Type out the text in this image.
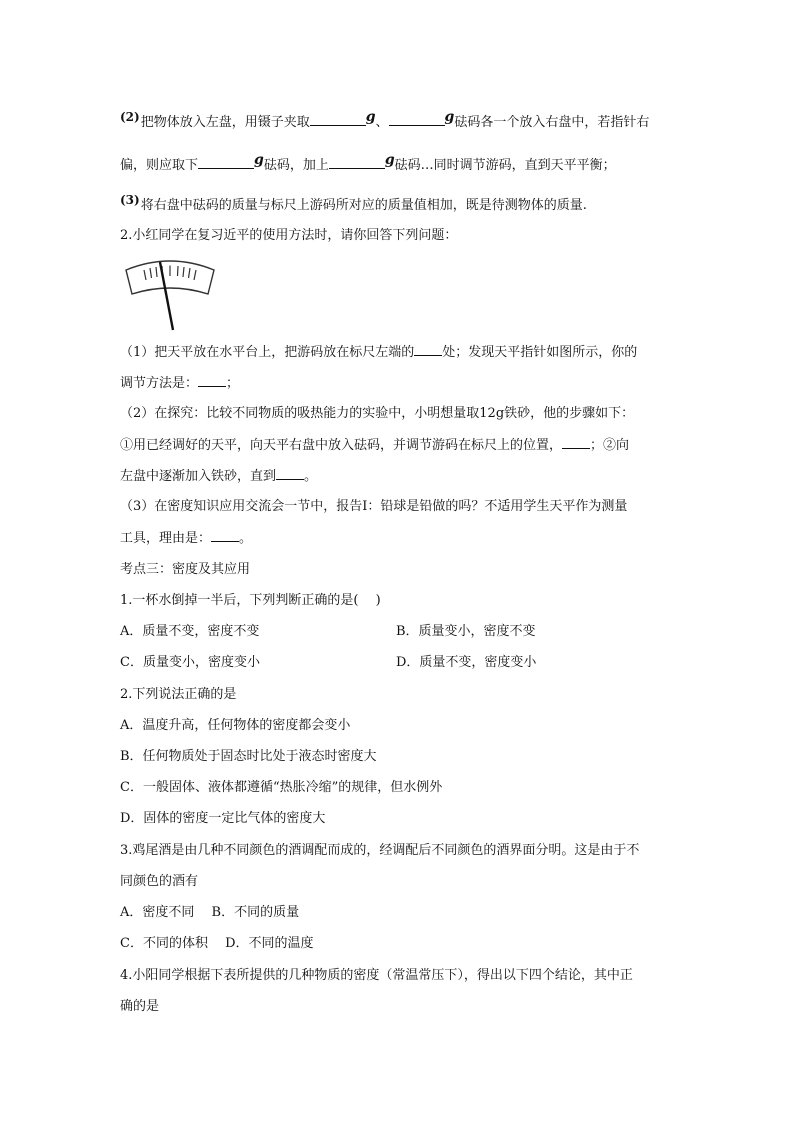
(2)把物体放入左盘，用镊子夹取	g、	g砝码各一个放入右盘中，若指针右
偏，则应取下	g砝码，加上	g砝码…同时调节游码，直到天平平衡；
(3)将右盘中砝码的质量与标尺上游码所对应的质量值相加，既是待测物体的质量.
2.小红同学在复习近平的使用方法时，请你回答下列问题：
（1）把天平放在水平台上，把游码放在标尺左端的 处；发现天平指针如图所示，你的
调节方法是： ；
（2）在探究：比较不同物质的吸热能力的实验中，小明想量取12g铁砂，他的步骤如下：
①用已经调好的天平，向天平右盘中放入砝码，并调节游码在标尺上的位置， ；②向
左盘中逐渐加入铁砂，直到 。
（3）在密度知识应用交流会一节中，报告I：铅球是铅做的吗？不适用学生天平作为测量
工具，理由是： 。
考点三：密度及其应用
1.一杯水倒掉一半后，下列判断正确的是(　 )
A．质量不变，密度不变	B．质量变小，密度不变
C．质量变小，密度变小	D．质量不变，密度变小
2.下列说法正确的是
A．温度升高，任何物体的密度都会变小
B．任何物质处于固态时比处于液态时密度大
C．一般固体、液体都遵循“热胀冷缩”的规律，但水例外
D．固体的密度一定比气体的密度大
3.鸡尾酒是由几种不同颜色的酒调配而成的，经调配后不同颜色的酒界面分明。这是由于不
同颜色的酒有
A．密度不同　 B．不同的质量
C．不同的体积　 D．不同的温度
4.小阳同学根据下表所提供的几种物质的密度（常温常压下），得出以下四个结论，其中正
确的是
